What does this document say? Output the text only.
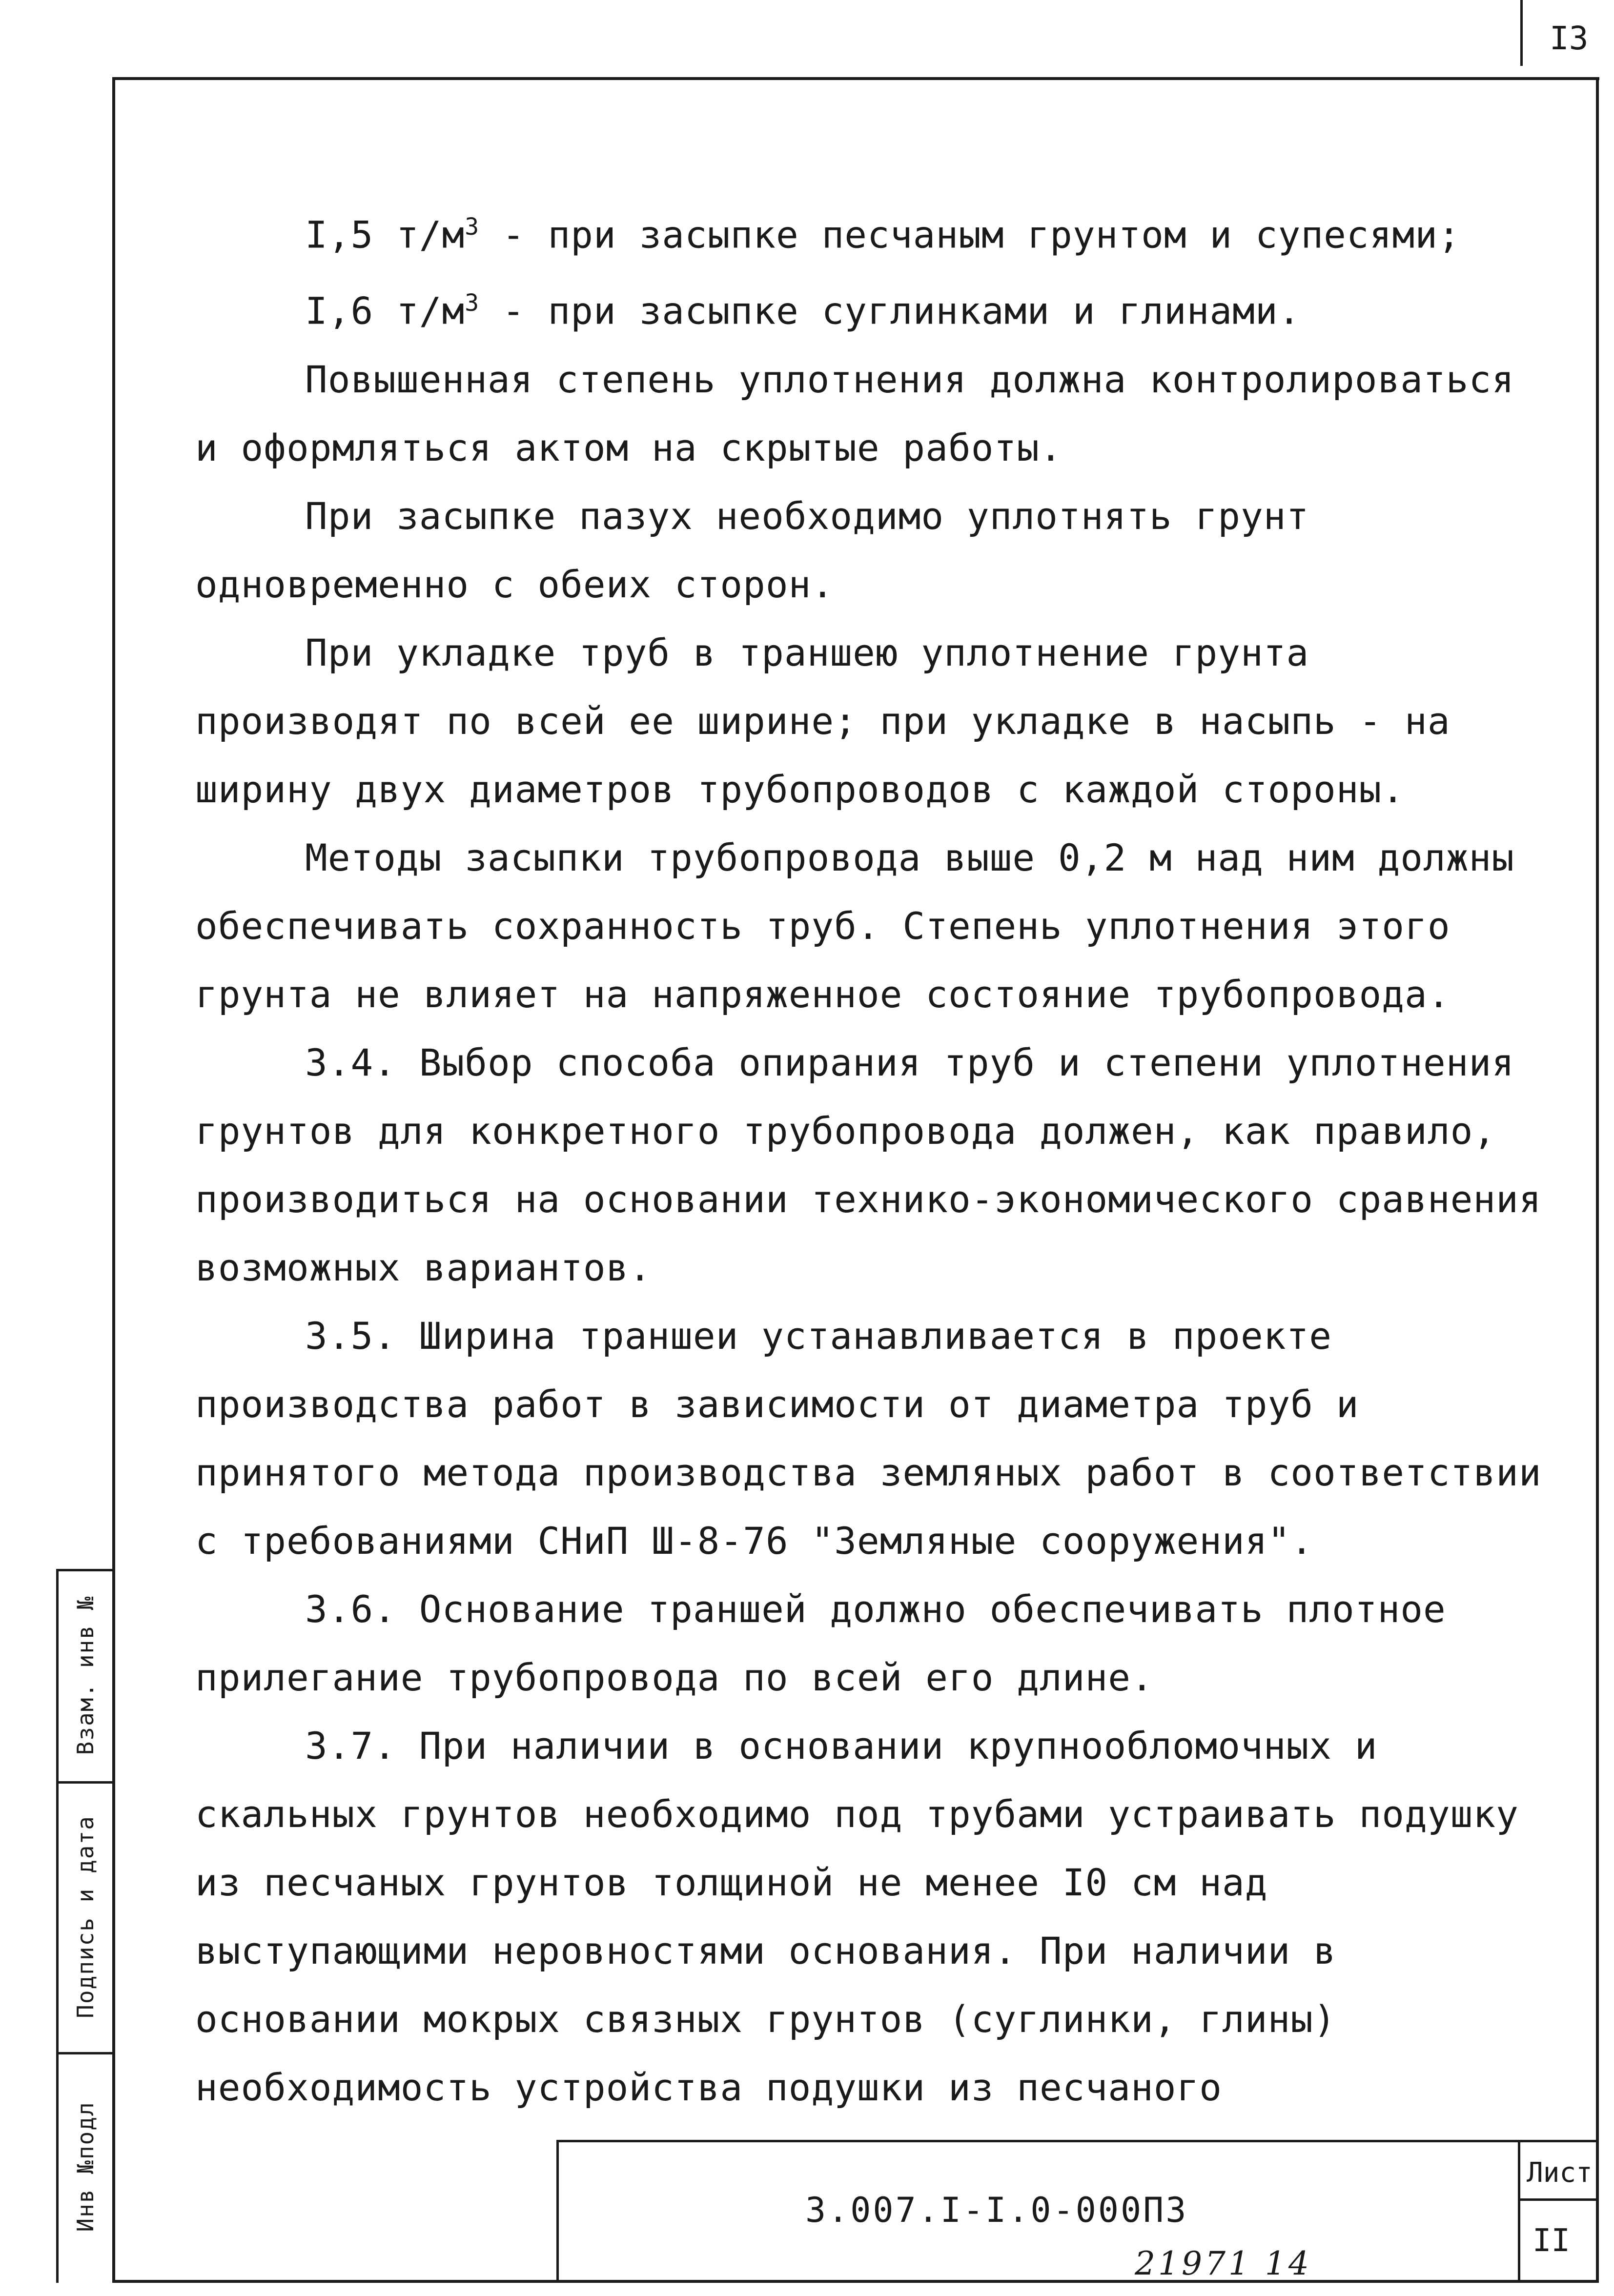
I3

I,5 $т/м^3$ - при засыпке песчаным грунтом и супесями;

I,6 $т/м^3$ - при засыпке суглинками и глинами.

Повышенная степень уплотнения должна контролироваться и оформляться актом на скрытые работы.

При засыпке пазух необходимо уплотнять грунт одновременно с обеих сторон.

При укладке труб в траншею уплотнение грунта производят по всей ее ширине; при укладке в насыпь - на ширину двух диаметров трубопроводов с каждой стороны.

Методы засыпки трубопровода выше 0,2 м над ним должны обеспечивать сохранность труб. Степень уплотнения этого грунта не влияет на напряженное состояние трубопровода.

3.4. Выбор способа опирания труб и степени уплотнения грунтов для конкретного трубопровода должен, как правило, производиться на основании технико-экономического сравнения возможных вариантов.

3.5. Ширина траншеи устанавливается в проекте производства работ в зависимости от диаметра труб и принятого метода производства земляных работ в соответствии с требованиями СНиП Ш-8-76 "Земляные сооружения".

3.6. Основание траншей должно обеспечивать плотное прилегание трубопровода по всей его длине.

3.7. При наличии в основании крупнообломочных и скальных грунтов необходимо под трубами устраивать подушку из песчаных грунтов толщиной не менее I0 см над выступающими неровностями основания. При наличии в основании мокрых связных грунтов (суглинки, глины) необходимость устройства подушки из песчаного

Взам. инв №
Подпись и дата
Инв №подл	3.007.I-I.0-000ПЗ
Лист
II
21971 14
